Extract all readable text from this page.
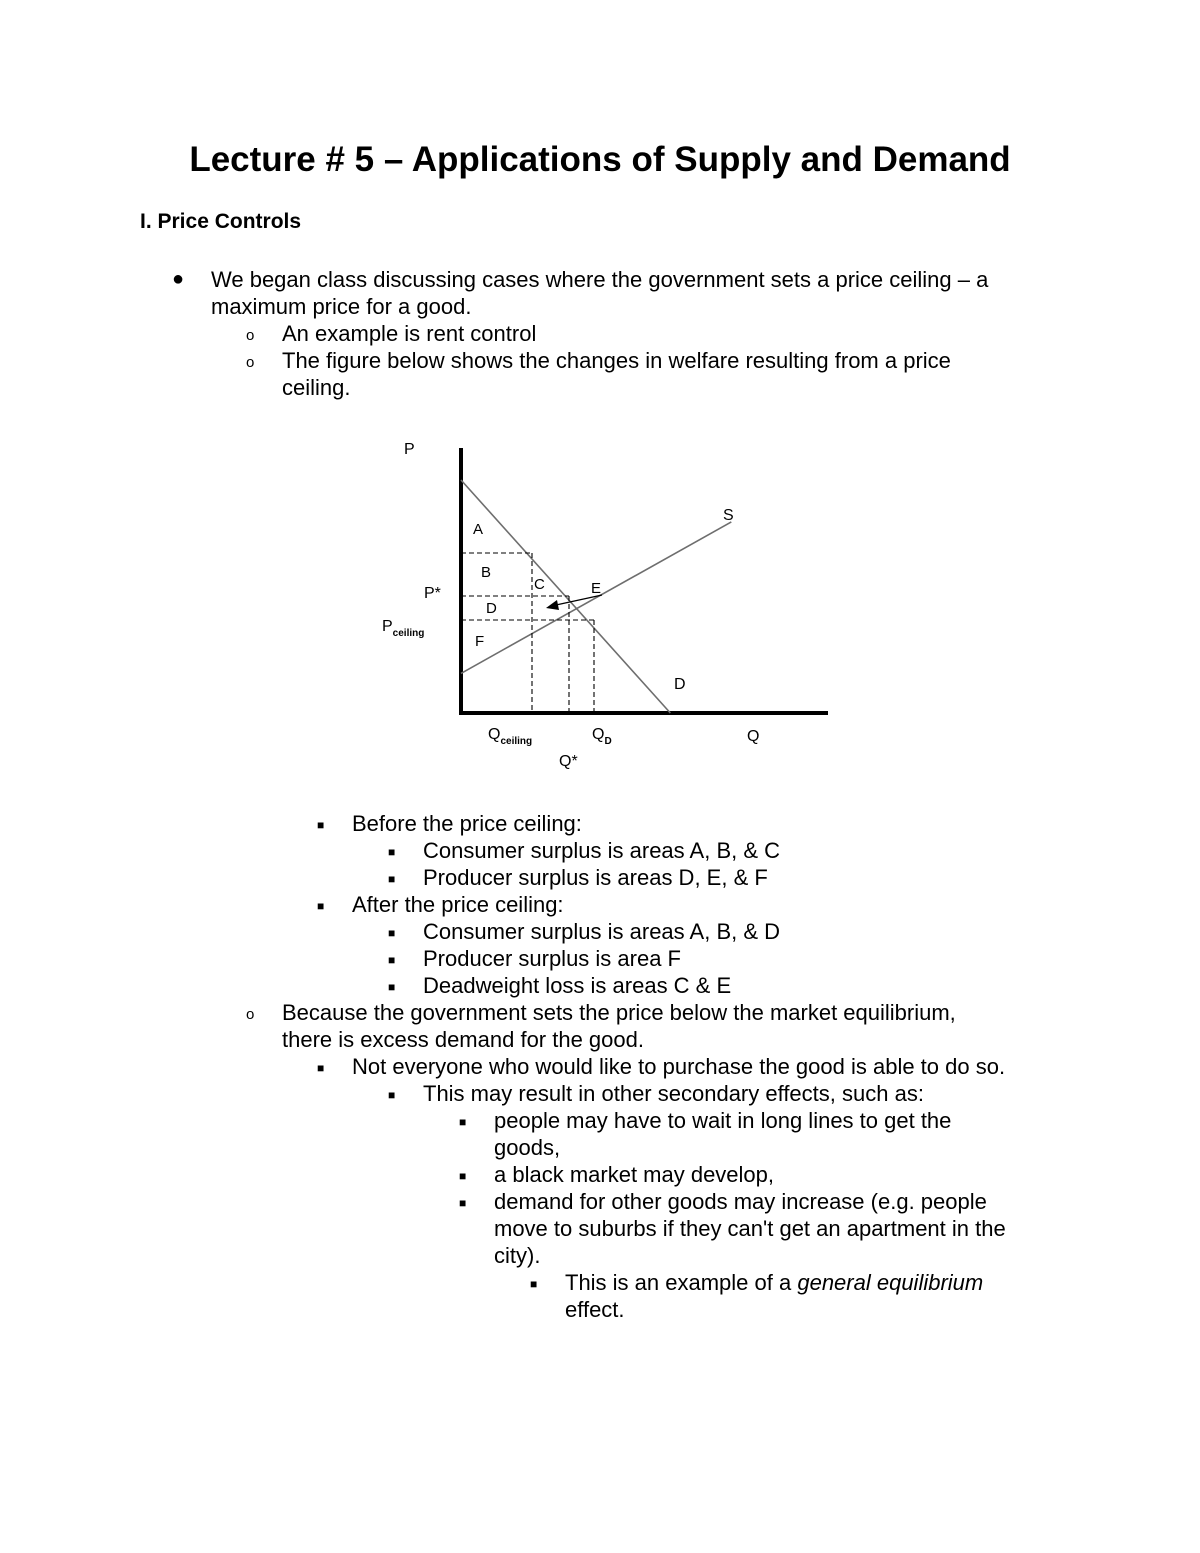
Lecture # 5 – Applications of Supply and Demand
I. Price Controls
● We began class discussing cases where the government sets a price ceiling – a
maximum price for a good.
o An example is rent control
o The figure below shows the changes in welfare resulting from a price
ceiling.
P
Q
P*
$P_{ceiling}$
$Q_{ceiling}$	$Q_D$
Q*
A
B
C
D
E
F
S
D
■ Before the price ceiling:
■ Consumer surplus is areas A, B, & C
■ Producer surplus is areas D, E, & F
■ After the price ceiling:
■ Consumer surplus is areas A, B, & D
■ Producer surplus is area F
■ Deadweight loss is areas C & E
o Because the government sets the price below the market equilibrium,
there is excess demand for the good.
■ Not everyone who would like to purchase the good is able to do so.
■ This may result in other secondary effects, such as:
■ people may have to wait in long lines to get the
goods,
■ a black market may develop,
■ demand for other goods may increase (e.g. people
move to suburbs if they can't get an apartment in the
city).
■ This is an example of a general equilibrium
effect.
